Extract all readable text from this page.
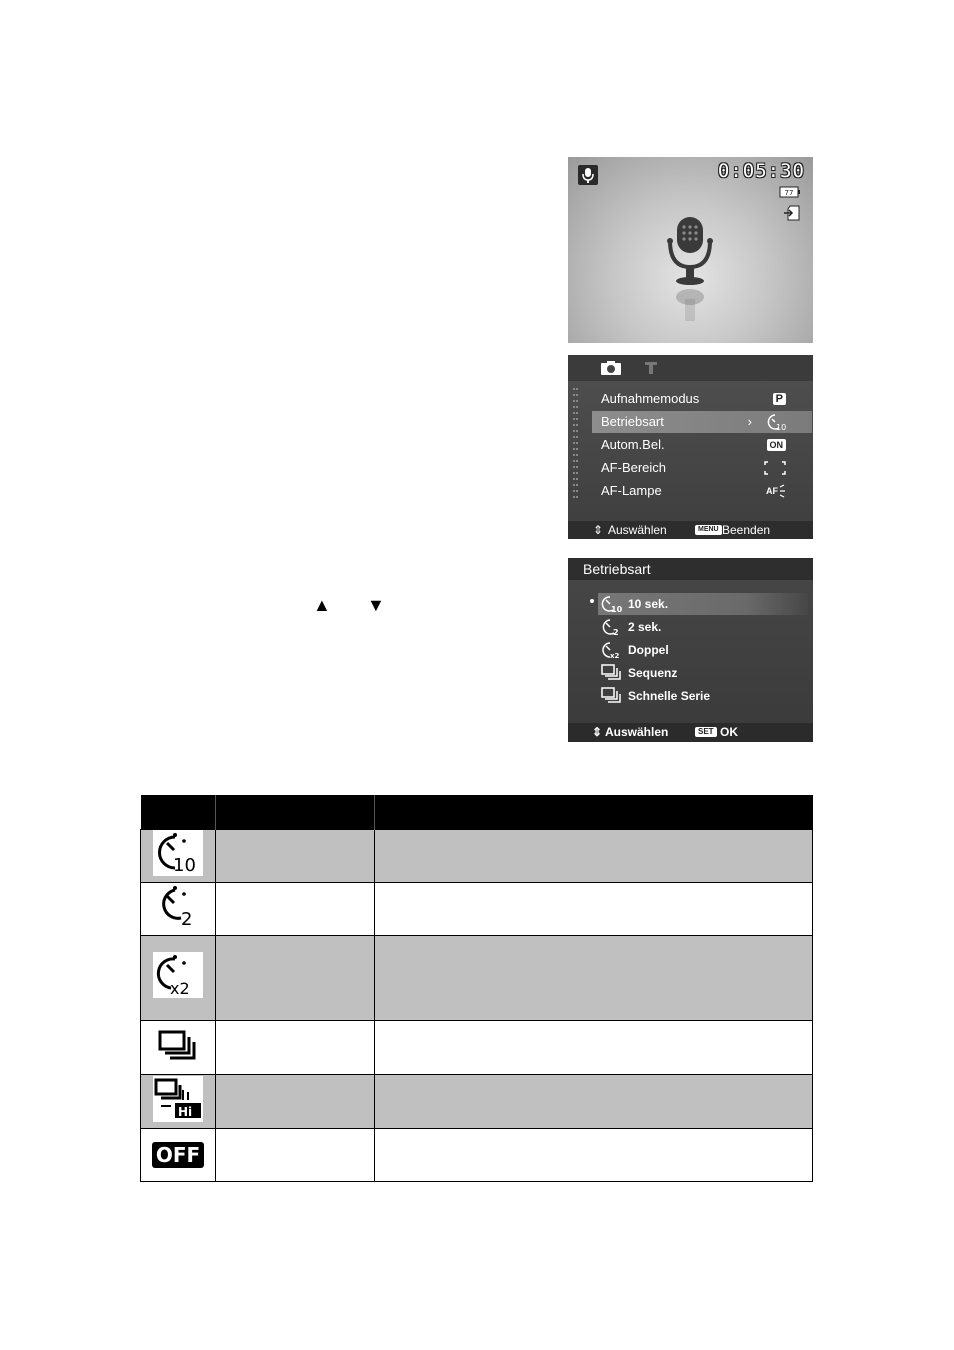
0:05:30
77
Aufnahmemodus	P
Betriebsart	›	10
Autom.Bel.	ON
AF-Bereich
AF-Lampe	AF
⇕ Auswählen	MENU Beenden
Betriebsart
10 10 sek.
2 2 sek.
x2 Doppel
Sequenz
Schnelle Serie
⇕ Auswählen	SET OK
▲ ▼

10		

2		

x2		

Hi		

OFF		
